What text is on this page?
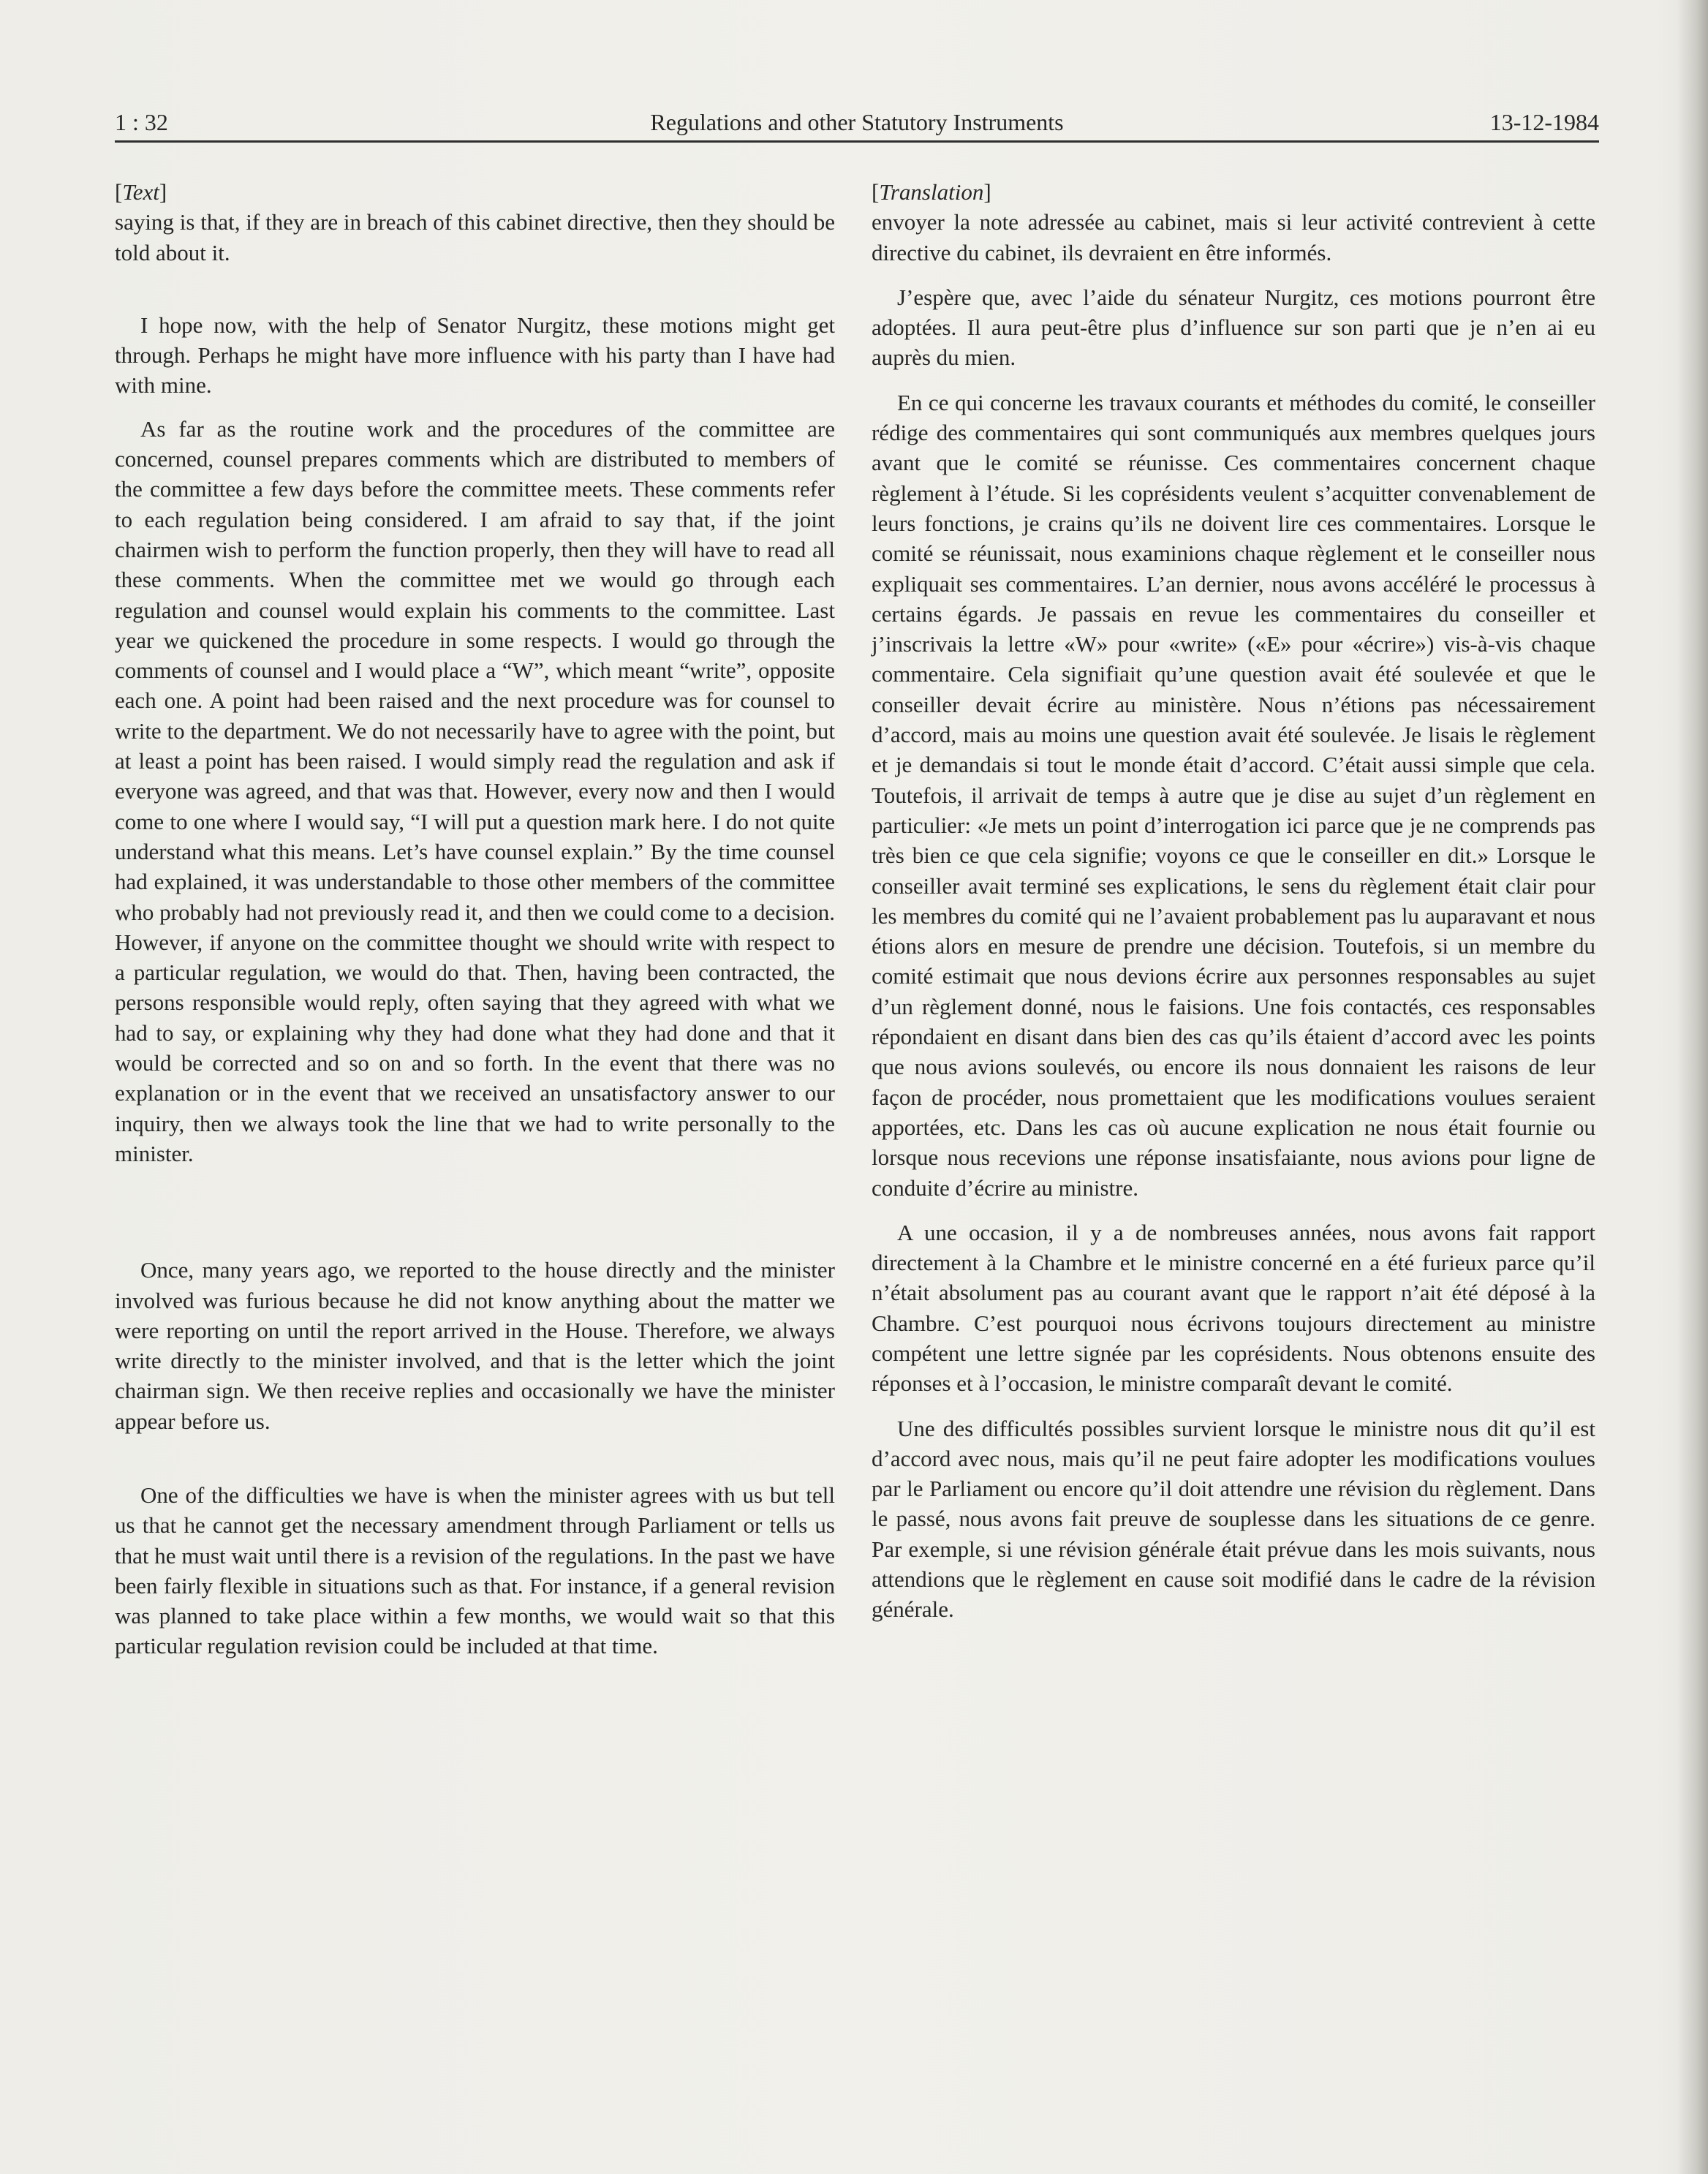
1 : 32	Regulations and other Statutory Instruments	13-12-1984
[Text]

saying is that, if they are in breach of this cabinet directive, then they should be told about it.

I hope now, with the help of Senator Nurgitz, these motions might get through. Perhaps he might have more influence with his party than I have had with mine.

As far as the routine work and the procedures of the committee are concerned, counsel prepares comments which are distributed to members of the committee a few days before the committee meets. These comments refer to each regulation being considered. I am afraid to say that, if the joint chairmen wish to perform the function properly, then they will have to read all these comments. When the committee met we would go through each regulation and counsel would explain his comments to the committee. Last year we quickened the procedure in some respects. I would go through the comments of counsel and I would place a “W”, which meant “write”, opposite each one. A point had been raised and the next procedure was for counsel to write to the department. We do not necessarily have to agree with the point, but at least a point has been raised. I would simply read the regulation and ask if everyone was agreed, and that was that. However, every now and then I would come to one where I would say, “I will put a question mark here. I do not quite understand what this means. Let’s have counsel explain.” By the time counsel had explained, it was understandable to those other members of the committee who probably had not previously read it, and then we could come to a decision. However, if anyone on the committee thought we should write with respect to a particular regulation, we would do that. Then, having been contracted, the persons responsible would reply, often saying that they agreed with what we had to say, or explaining why they had done what they had done and that it would be corrected and so on and so forth. In the event that there was no explanation or in the event that we received an unsatisfactory answer to our inquiry, then we always took the line that we had to write personally to the minister.

Once, many years ago, we reported to the house directly and the minister involved was furious because he did not know anything about the matter we were reporting on until the report arrived in the House. Therefore, we always write directly to the minister involved, and that is the letter which the joint chairman sign. We then receive replies and occasionally we have the minister appear before us.

One of the difficulties we have is when the minister agrees with us but tell us that he cannot get the necessary amendment through Parliament or tells us that he must wait until there is a revision of the regulations. In the past we have been fairly flexible in situations such as that. For instance, if a general revision was planned to take place within a few months, we would wait so that this particular regulation revision could be included at that time.

[Translation]

envoyer la note adressée au cabinet, mais si leur activité contrevient à cette directive du cabinet, ils devraient en être informés.

J’espère que, avec l’aide du sénateur Nurgitz, ces motions pourront être adoptées. Il aura peut-être plus d’influence sur son parti que je n’en ai eu auprès du mien.

En ce qui concerne les travaux courants et méthodes du comité, le conseiller rédige des commentaires qui sont communiqués aux membres quelques jours avant que le comité se réunisse. Ces commentaires concernent chaque règlement à l’étude. Si les coprésidents veulent s’acquitter convenablement de leurs fonctions, je crains qu’ils ne doivent lire ces commentaires. Lorsque le comité se réunissait, nous examinions chaque règlement et le conseiller nous expliquait ses commentaires. L’an dernier, nous avons accéléré le processus à certains égards. Je passais en revue les commentaires du conseiller et j’inscrivais la lettre «W» pour «write» («E» pour «écrire») vis-à-vis chaque commentaire. Cela signifiait qu’une question avait été soulevée et que le conseiller devait écrire au ministère. Nous n’étions pas nécessairement d’accord, mais au moins une question avait été soulevée. Je lisais le règlement et je demandais si tout le monde était d’accord. C’était aussi simple que cela. Toutefois, il arrivait de temps à autre que je dise au sujet d’un règlement en particulier: «Je mets un point d’interrogation ici parce que je ne comprends pas très bien ce que cela signifie; voyons ce que le conseiller en dit.» Lorsque le conseiller avait terminé ses explications, le sens du règlement était clair pour les membres du comité qui ne l’avaient probablement pas lu auparavant et nous étions alors en mesure de prendre une décision. Toutefois, si un membre du comité estimait que nous devions écrire aux personnes responsables au sujet d’un règlement donné, nous le faisions. Une fois contactés, ces responsables répondaient en disant dans bien des cas qu’ils étaient d’accord avec les points que nous avions soulevés, ou encore ils nous donnaient les raisons de leur façon de procéder, nous promettaient que les modifications voulues seraient apportées, etc. Dans les cas où aucune explication ne nous était fournie ou lorsque nous recevions une réponse insatisfaiante, nous avions pour ligne de conduite d’écrire au ministre.

A une occasion, il y a de nombreuses années, nous avons fait rapport directement à la Chambre et le ministre concerné en a été furieux parce qu’il n’était absolument pas au courant avant que le rapport n’ait été déposé à la Chambre. C’est pourquoi nous écrivons toujours directement au ministre compétent une lettre signée par les coprésidents. Nous obtenons ensuite des réponses et à l’occasion, le ministre comparaît devant le comité.

Une des difficultés possibles survient lorsque le ministre nous dit qu’il est d’accord avec nous, mais qu’il ne peut faire adopter les modifications voulues par le Parliament ou encore qu’il doit attendre une révision du règlement. Dans le passé, nous avons fait preuve de souplesse dans les situations de ce genre. Par exemple, si une révision générale était prévue dans les mois suivants, nous attendions que le règlement en cause soit modifié dans le cadre de la révision générale.
